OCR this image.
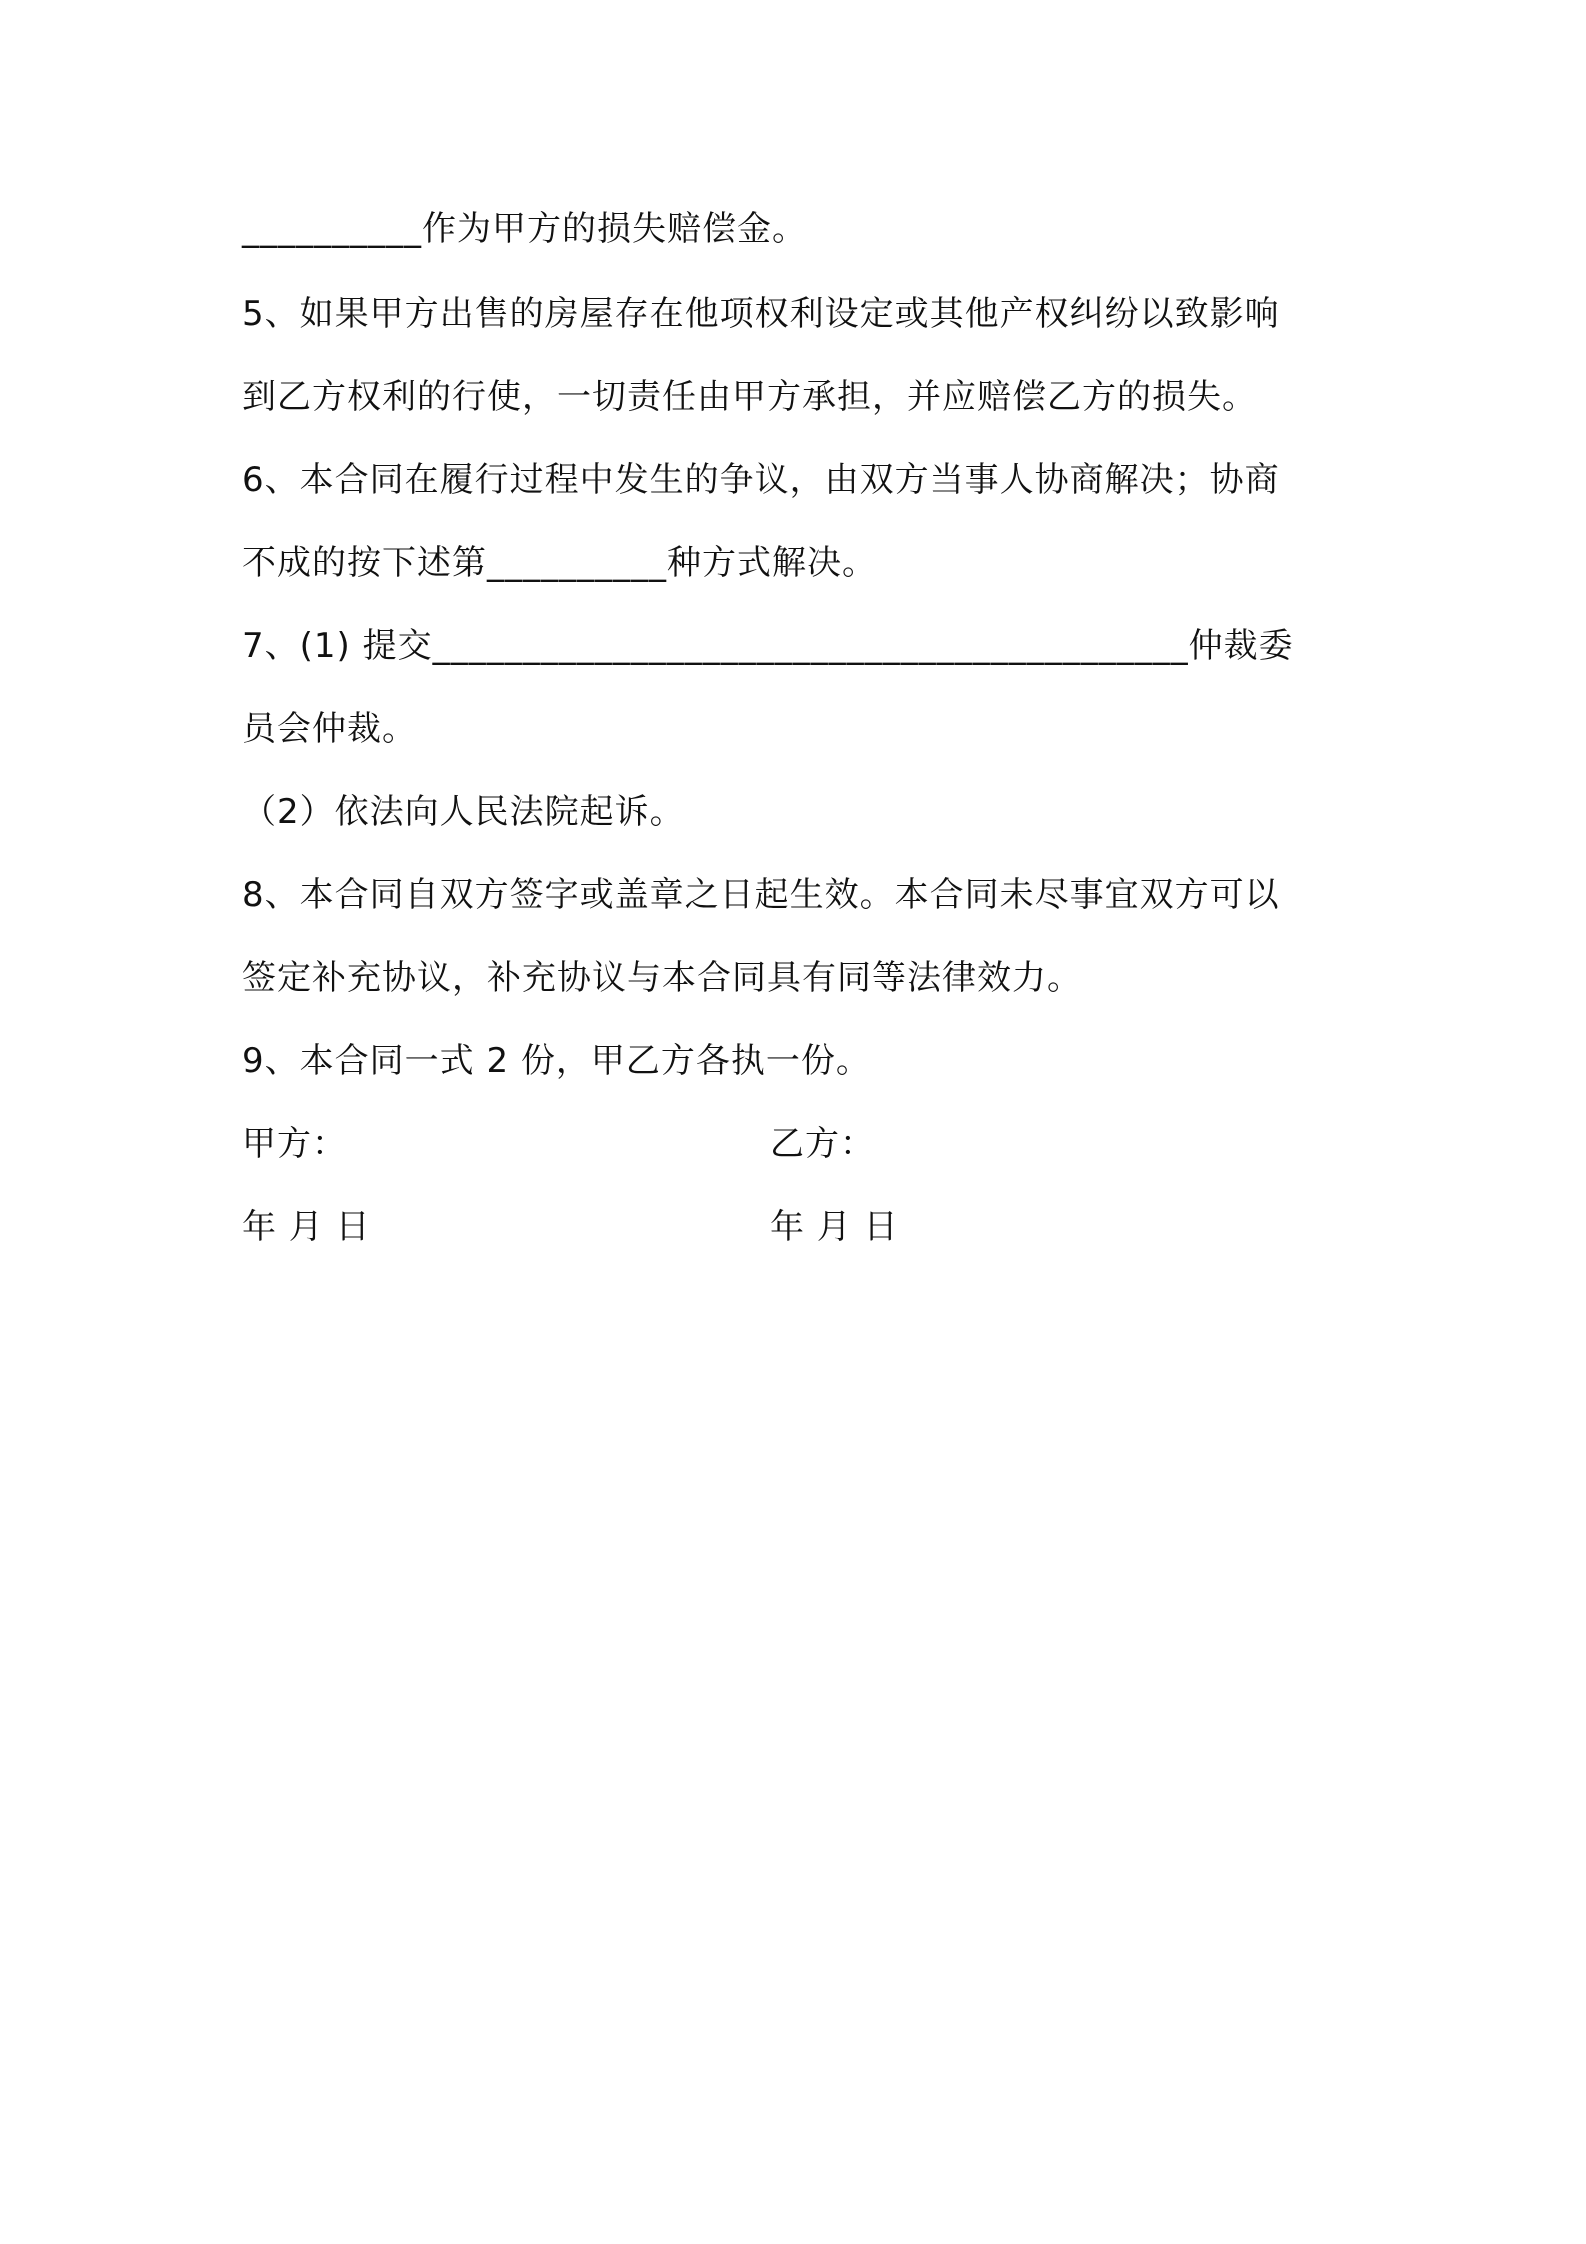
__________作为甲方的损失赔偿金。
5、如果甲方出售的房屋存在他项权利设定或其他产权纠纷以致影响
到乙方权利的行使，一切责任由甲方承担，并应赔偿乙方的损失。
6、本合同在履行过程中发生的争议，由双方当事人协商解决；协商
不成的按下述第__________种方式解决。
7、(1) 提交__________________________________________仲裁委
员会仲裁。
（2）依法向人民法院起诉。
8、本合同自双方签字或盖章之日起生效。本合同未尽事宜双方可以
签定补充协议，补充协议与本合同具有同等法律效力。
9、本合同一式 2 份，甲乙方各执一份。
甲方：	乙方：
年 月 日	年 月 日
